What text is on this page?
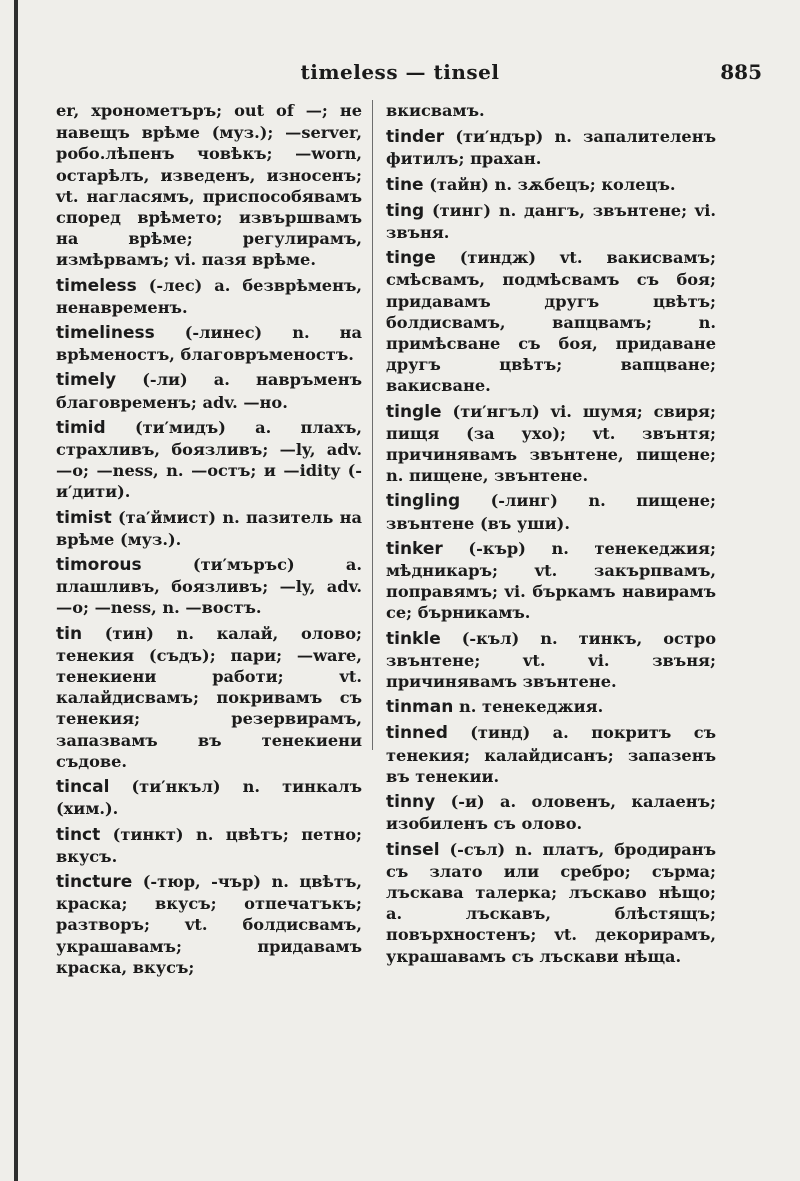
timeless — tinsel	885

er, хронометъръ; out of —; не навещъ врѣме (муз.); —server, робо.лѣпенъ човѣкъ; —worn, остарѣлъ, изведенъ, износенъ; vt. нагласямъ, приспособявамъ според врѣмето; извършвамъ на врѣме; регулирамъ, измѣрвамъ; vi. пазя врѣме.

timeless (-лес) a. безврѣменъ, ненавременъ.

timeliness (-линес) n. на врѣменостъ, благовръменостъ.

timely (-ли) a. навръменъ благовременъ; adv. —но.

timid (ти′мидъ) a. плахъ, страхливъ, боязливъ; —ly, adv. —о; —ness, n. —остъ; и —idity (-и′дити).

timist (та′ймист) n. пазитель на врѣме (муз.).

timorous (ти′мъръс) a. плашливъ, боязливъ; —ly, adv. —о; —ness, n. —востъ.

tin (тин) n. калай, олово; тенекия (съдъ); пари; —ware, тенекиени работи; vt. калайдисвамъ; покривамъ съ тенекия; резервирамъ, запазвамъ въ тенекиени съдове.

tincal (ти′нкъл) n. тинкалъ (хим.).

tinct (тинкт) n. цвѣтъ; петно; вкусъ.

tincture (-тюр, -чър) n. цвѣтъ, краска; вкусъ; отпечатъкъ; разтворъ; vt. болдисвамъ, украшавамъ; придавамъ краска, вкусъ;

вкисвамъ.

tinder (ти′ндър) n. запалителенъ фитилъ; прахан.

tine (тайн) n. зѫбецъ; колецъ.

ting (тинг) n. дангъ, звънтене; vi. звъня.

tinge (тиндж) vt. вакисвамъ; смѣсвамъ, подмѣсвамъ съ боя; придавамъ другъ цвѣтъ; болдисвамъ, вапцвамъ; n. примѣсване съ боя, придаване другъ цвѣтъ; вапцване; вакисване.

tingle (ти′нгъл) vi. шумя; свиря; пищя (за ухо); vt. звънтя; причинявамъ звънтене, пищене; n. пищене, звънтене.

tingling (-линг) n. пищене; звънтене (въ уши).

tinker (-кър) n. тенекеджия; мѣдникаръ; vt. закърпвамъ, поправямъ; vi. бъркамъ навирамъ се; бърникамъ.

tinkle (-къл) n. тинкъ, остро звънтене; vt. vi. звъня; причинявамъ звънтене.

tinman n. тенекеджия.

tinned (тинд) a. покритъ съ тенекия; калайдисанъ; запазенъ въ тенекии.

tinny (-и) a. оловенъ, калаенъ; изобиленъ съ олово.

tinsel (-съл) n. платъ, бродиранъ съ злато или сребро; сърма; лъскава талерка; лъскаво нѣщо; a. лъскавъ, блѣстящъ; повърхностенъ; vt. декорирамъ, украшавамъ съ лъскави нѣща.
